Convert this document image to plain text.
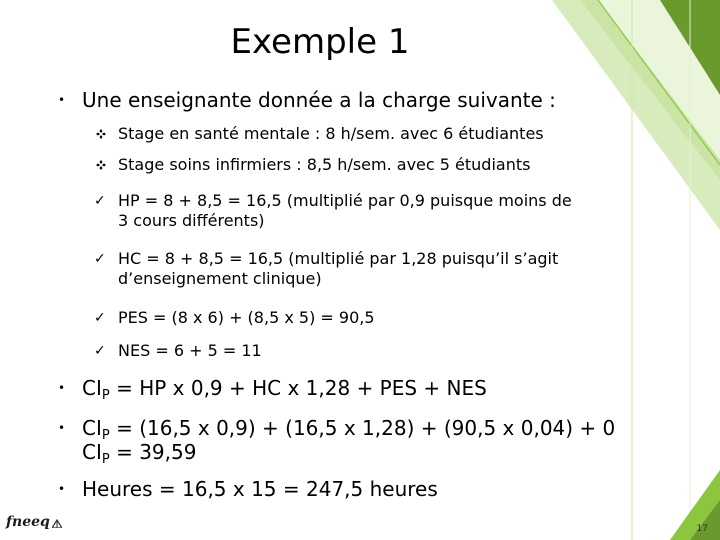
Exemple 1
• Une enseignante donnée a la charge suivante :
Stage en santé mentale : 8 h/sem. avec 6 étudiantes
Stage soins infirmiers : 8,5 h/sem. avec 5 étudiants
✓ HP = 8 + 8,5 = 16,5 (multiplié par 0,9 puisque moins de
3 cours différents)
✓ HC = 8 + 8,5 = 16,5 (multiplié par 1,28 puisqu’il s’agit
d’enseignement clinique)
✓ PES = (8 x 6) + (8,5 x 5) = 90,5
✓ NES = 6 + 5 = 11
• $CI_P$ = HP x 0,9 + HC x 1,28 + PES + NES
• $CI_P = (16,5$ x 0,9) + (16,5 x 1,28) + (90,5 x 0,04) + 0
$CI_P = 39,59$
• Heures = 16,5 x 15 = 247,5 heures
fneeq	17
